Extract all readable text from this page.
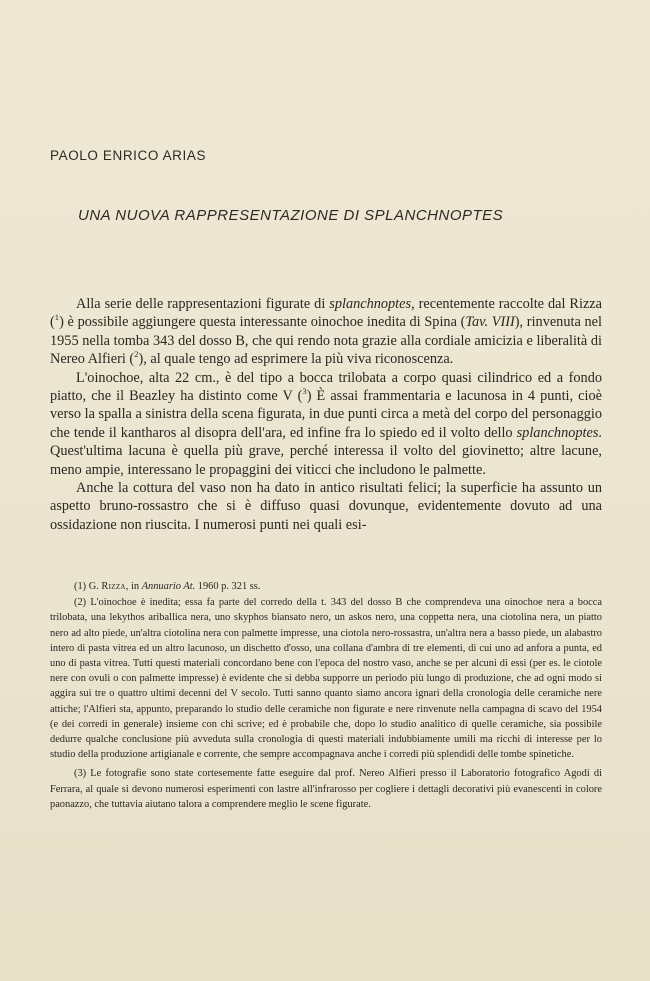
PAOLO ENRICO ARIAS
UNA NUOVA RAPPRESENTAZIONE DI SPLANCHNOPTES

Alla serie delle rappresentazioni figurate di splanchnoptes, recentemente raccolte dal Rizza ($^1$) è possibile aggiungere questa interessante oinochoe inedita di Spina (Tav. VIII), rinvenuta nel 1955 nella tomba 343 del dosso B, che qui rendo nota grazie alla cordiale amicizia e liberalità di Nereo Alfieri ($^2$), al quale tengo ad esprimere la più viva riconoscenza.

L'oinochoe, alta 22 cm., è del tipo a bocca trilobata a corpo quasi cilindrico ed a fondo piatto, che il Beazley ha distinto come V ($^3$) È assai frammentaria e lacunosa in 4 punti, cioè verso la spalla a sinistra della scena figurata, in due punti circa a metà del corpo del personaggio che tende il kantharos al disopra dell'ara, ed infine fra lo spiedo ed il volto dello splanchnoptes. Quest'ultima lacuna è quella più grave, perché interessa il volto del giovinetto; altre lacune, meno ampie, interessano le propaggini dei viticci che includono le palmette.

Anche la cottura del vaso non ha dato in antico risultati felici; la superficie ha assunto un aspetto bruno-rossastro che si è diffuso quasi dovunque, evidentemente dovuto ad una ossidazione non riuscita. I numerosi punti nei quali esi-

(1) G. Rizza, in Annuario At. 1960 p. 321 ss.

(2) L'oinochoe è inedita; essa fa parte del corredo della t. 343 del dosso B che comprendeva una oinochoe nera a bocca trilobata, una lekythos ariballica nera, uno skyphos biansato nero, un askos nero, una coppetta nera, una ciotolina nera, un piatto nero ad alto piede, un'altra ciotolina nera con palmette impresse, una ciotola nero-rossastra, un'altra nera a basso piede, un alabastro intero di pasta vitrea ed un altro lacunoso, un dischetto d'osso, una collana d'ambra di tre elementi, di cui uno ad anfora a punta, ed uno di pasta vitrea. Tutti questi materiali concordano bene con l'epoca del nostro vaso, anche se per alcuni di essi (per es. le ciotole nere con ovuli o con palmette impresse) è evidente che si debba supporre un periodo più lungo di produzione, che ad ogni modo si aggira sui tre o quattro ultimi decenni del V secolo. Tutti sanno quanto siamo ancora ignari della cronologia delle ceramiche nere attiche; l'Alfieri sta, appunto, preparando lo studio delle ceramiche non figurate e nere rinvenute nella campagna di scavo del 1954 (e dei corredi in generale) insieme con chi scrive; ed è probabile che, dopo lo studio analitico di quelle ceramiche, sia possibile dedurre qualche conclusione più avveduta sulla cronologia di questi materiali indubbiamente umili ma ricchi di interesse per lo studio della produzione artigianale e corrente, che sempre accompagnava anche i corredi più splendidi delle tombe spinetiche.

(3) Le fotografie sono state cortesemente fatte eseguire dal prof. Nereo Alfieri presso il Laboratorio fotografico Agodi di Ferrara, al quale si devono numerosi esperimenti con lastre all'infrarosso per cogliere i dettagli decorativi più evanescenti in colore paonazzo, che tuttavia aiutano talora a comprendere meglio le scene figurate.
